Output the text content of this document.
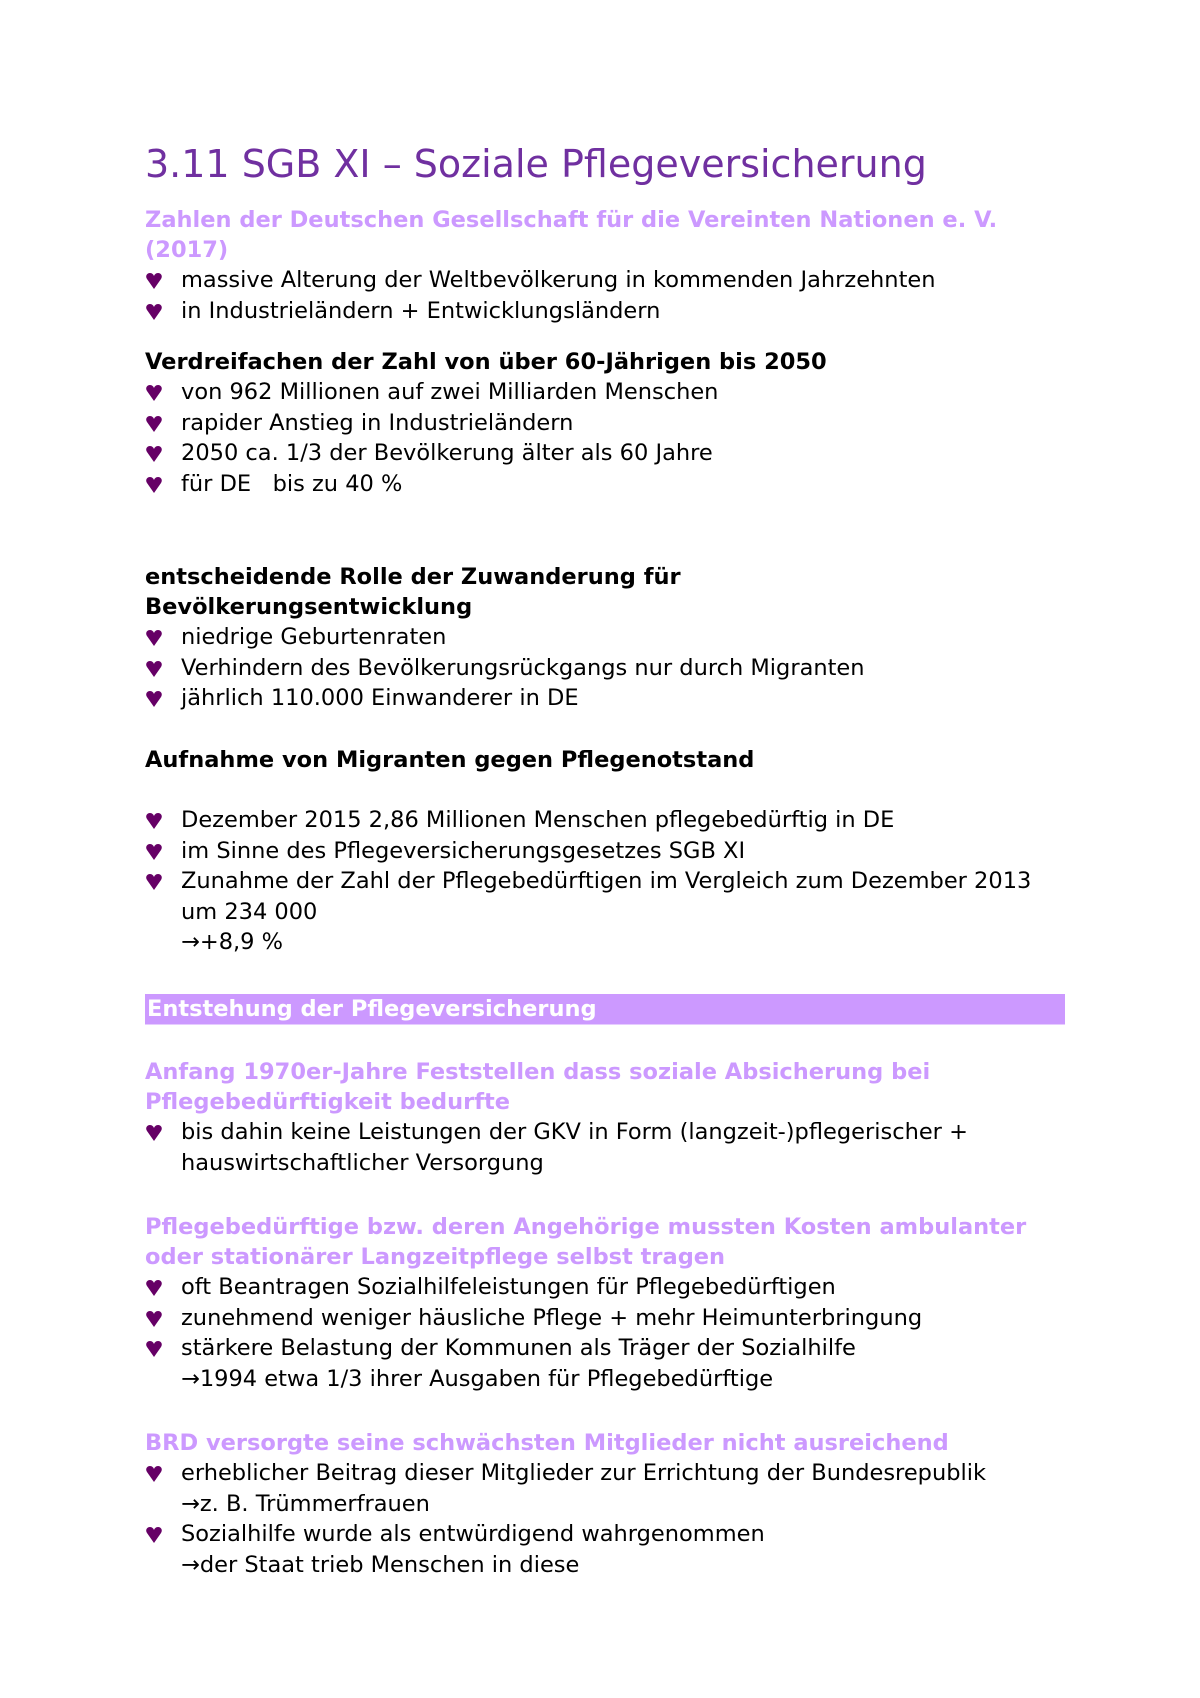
3.11 SGB XI – Soziale Pflegeversicherung
Zahlen der Deutschen Gesellschaft für die Vereinten Nationen e. V. (2017)
massive Alterung der Weltbevölkerung in kommenden Jahrzehnten
in Industrieländern + Entwicklungsländern
Verdreifachen der Zahl von über 60-Jährigen bis 2050
von 962 Millionen auf zwei Milliarden Menschen
rapider Anstieg in Industrieländern
2050 ca. 1/3 der Bevölkerung älter als 60 Jahre
für DE   bis zu 40 %
entscheidende Rolle der Zuwanderung für Bevölkerungsentwicklung
niedrige Geburtenraten
Verhindern des Bevölkerungsrückgangs nur durch Migranten
jährlich 110.000 Einwanderer in DE
Aufnahme von Migranten gegen Pflegenotstand
Dezember 2015 2,86 Millionen Menschen pflegebedürftig in DE
im Sinne des Pflegeversicherungsgesetzes SGB XI
Zunahme der Zahl der Pflegebedürftigen im Vergleich zum Dezember 2013 um 234 000
→+8,9 %
Entstehung der Pflegeversicherung
Anfang 1970er-Jahre Feststellen dass soziale Absicherung bei Pflegebedürftigkeit bedurfte
bis dahin keine Leistungen der GKV in Form (langzeit-)pflegerischer + hauswirtschaftlicher Versorgung
Pflegebedürftige bzw. deren Angehörige mussten Kosten ambulanter oder stationärer Langzeitpflege selbst tragen
oft Beantragen Sozialhilfeleistungen für Pflegebedürftigen
zunehmend weniger häusliche Pflege + mehr Heimunterbringung
stärkere Belastung der Kommunen als Träger der Sozialhilfe
→1994 etwa 1/3 ihrer Ausgaben für Pflegebedürftige
BRD versorgte seine schwächsten Mitglieder nicht ausreichend
erheblicher Beitrag dieser Mitglieder zur Errichtung der Bundesrepublik
→z. B. Trümmerfrauen
Sozialhilfe wurde als entwürdigend wahrgenommen
→der Staat trieb Menschen in diese
